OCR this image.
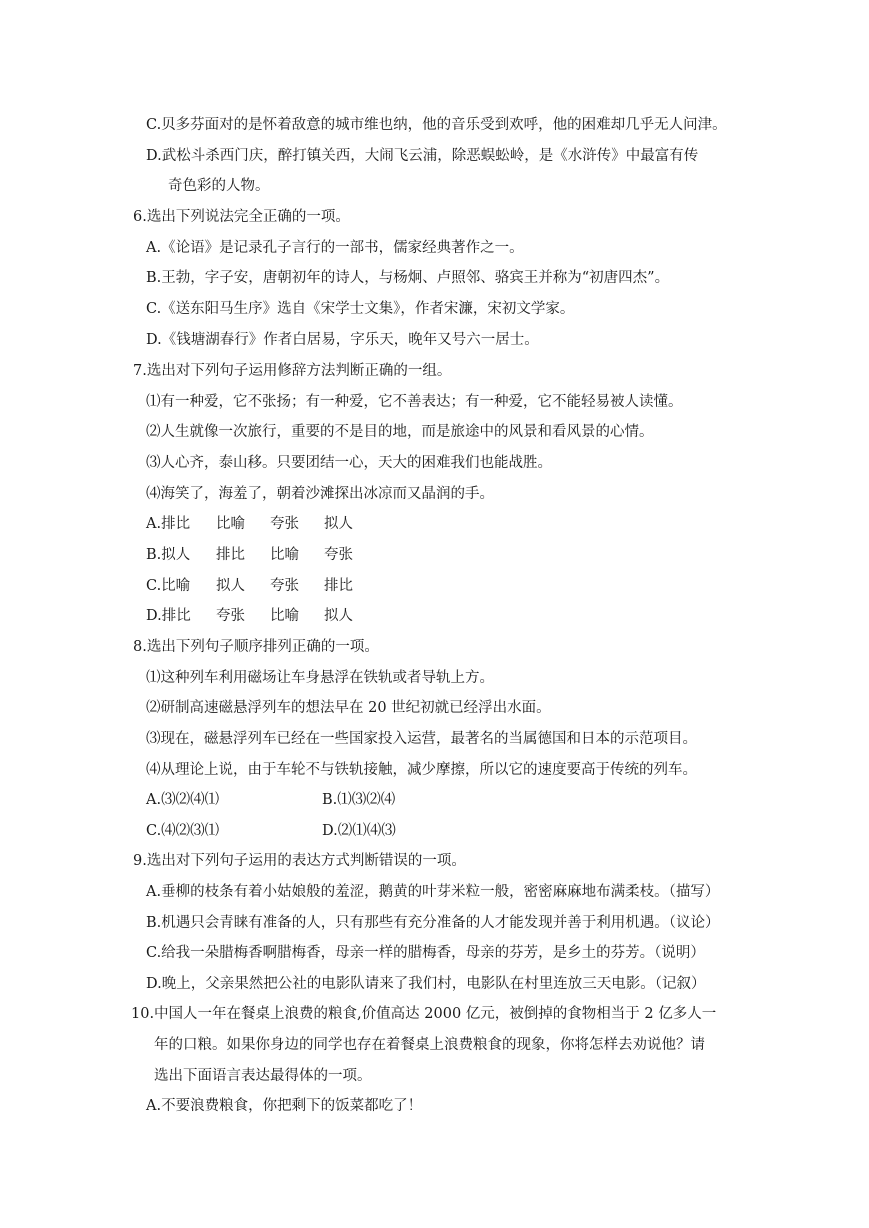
C.贝多芬面对的是怀着敌意的城市维也纳，他的音乐受到欢呼，他的困难却几乎无人问津。
D.武松斗杀西门庆，醉打镇关西，大闹飞云浦，除恶蜈蚣岭，是《水浒传》中最富有传
奇色彩的人物。
6.选出下列说法完全正确的一项。
A.《论语》是记录孔子言行的一部书，儒家经典著作之一。
B.王勃，字子安，唐朝初年的诗人，与杨炯、卢照邻、骆宾王并称为“初唐四杰”。
C.《送东阳马生序》选自《宋学士文集》，作者宋濂，宋初文学家。
D.《钱塘湖春行》作者白居易，字乐天，晚年又号六一居士。
7.选出对下列句子运用修辞方法判断正确的一组。
⑴有一种爱，它不张扬；有一种爱，它不善表达；有一种爱，它不能轻易被人读懂。
⑵人生就像一次旅行，重要的不是目的地，而是旅途中的风景和看风景的心情。
⑶人心齐，泰山移。只要团结一心，天大的困难我们也能战胜。
⑷海笑了，海羞了，朝着沙滩探出冰凉而又晶润的手。
A.排比 比喻 夸张 拟人
B.拟人 排比 比喻 夸张
C.比喻 拟人 夸张 排比
D.排比 夸张 比喻 拟人
8.选出下列句子顺序排列正确的一项。
⑴这种列车利用磁场让车身悬浮在铁轨或者导轨上方。
⑵研制高速磁悬浮列车的想法早在 20 世纪初就已经浮出水面。
⑶现在，磁悬浮列车已经在一些国家投入运营，最著名的当属德国和日本的示范项目。
⑷从理论上说，由于车轮不与铁轨接触，减少摩擦，所以它的速度要高于传统的列车。
A.⑶⑵⑷⑴	B.⑴⑶⑵⑷
C.⑷⑵⑶⑴	D.⑵⑴⑷⑶
9.选出对下列句子运用的表达方式判断错误的一项。
A.垂柳的枝条有着小姑娘般的羞涩，鹅黄的叶芽米粒一般，密密麻麻地布满柔枝。（描写）
B.机遇只会青睐有准备的人，只有那些有充分准备的人才能发现并善于利用机遇。（议论）
C.给我一朵腊梅香啊腊梅香，母亲一样的腊梅香，母亲的芬芳，是乡土的芬芳。（说明）
D.晚上，父亲果然把公社的电影队请来了我们村，电影队在村里连放三天电影。（记叙）
10.中国人一年在餐桌上浪费的粮食,价值高达 2000 亿元，被倒掉的食物相当于 2 亿多人一
年的口粮。如果你身边的同学也存在着餐桌上浪费粮食的现象，你将怎样去劝说他？请
选出下面语言表达最得体的一项。
A.不要浪费粮食，你把剩下的饭菜都吃了！
